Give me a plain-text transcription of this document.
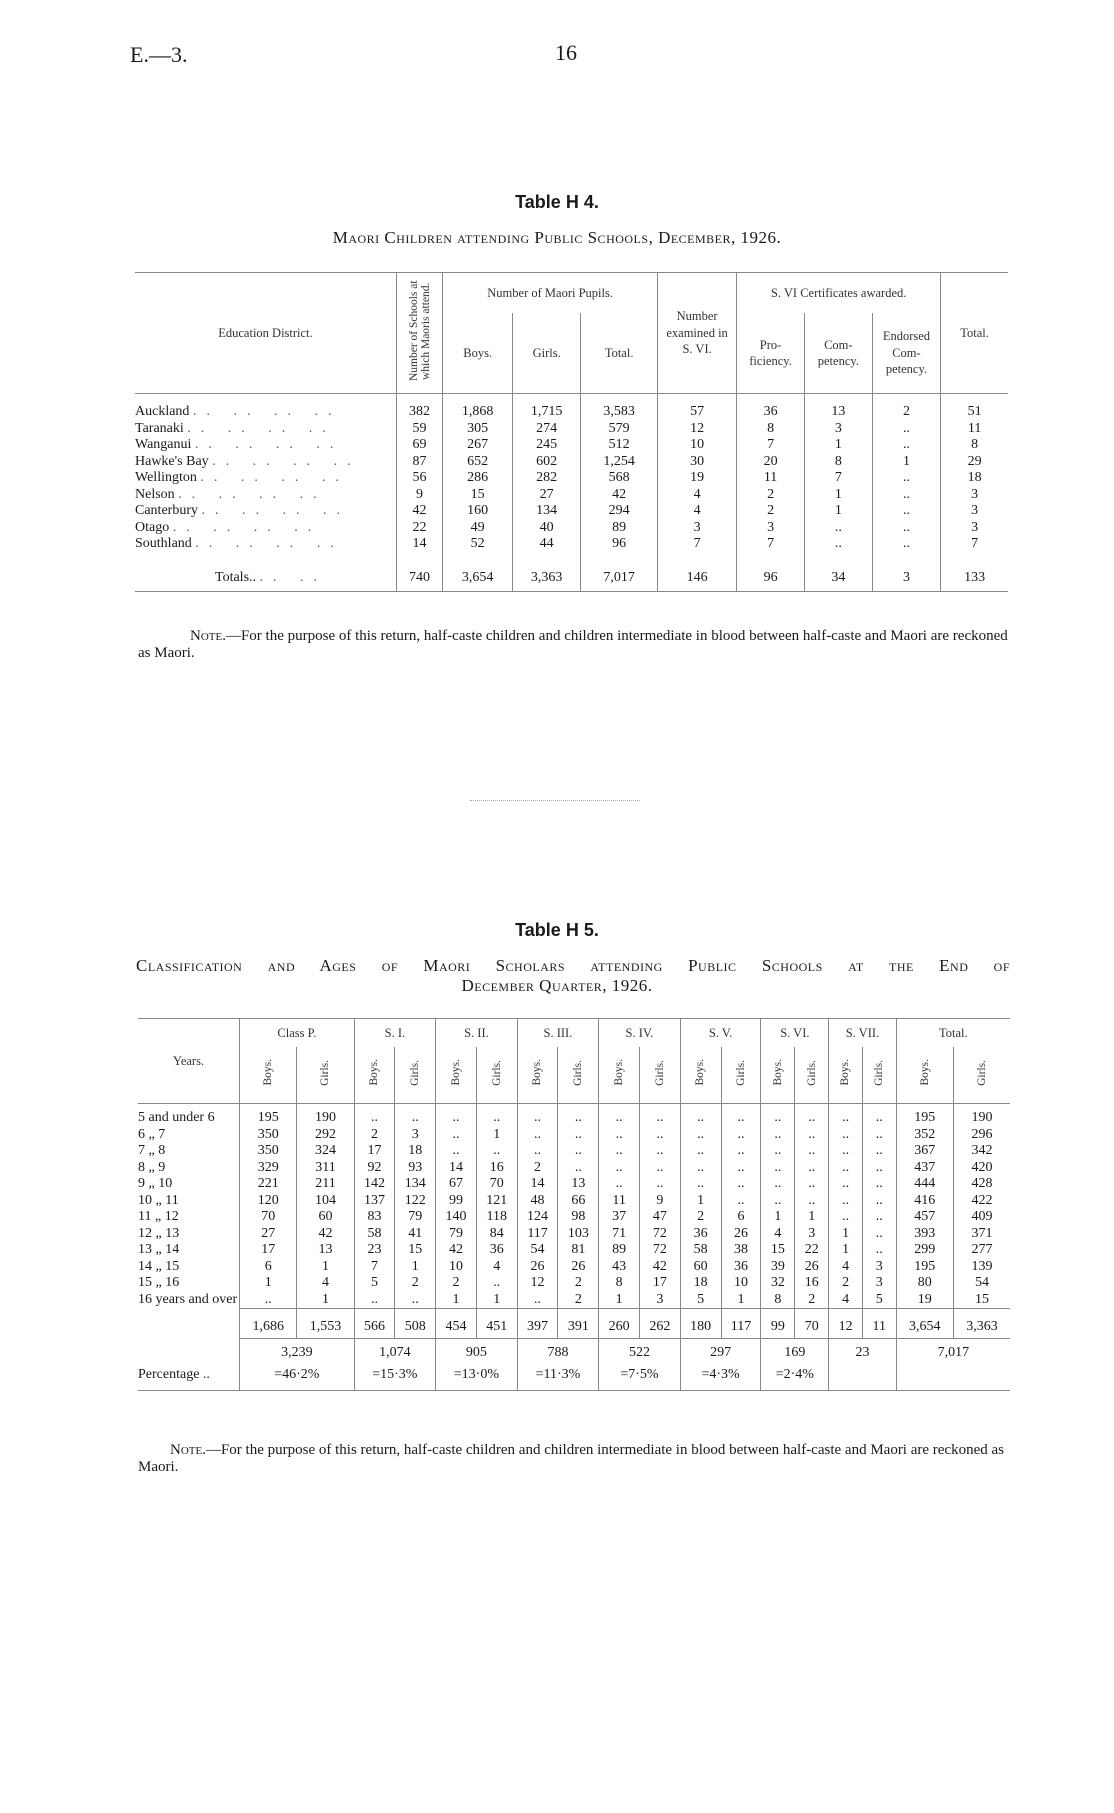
E.—3.	16
Table H 4.
Maori Children attending Public Schools, December, 1926.
Education District.	Number of Schools at which Maoris attend.	Number of Maori Pupils.			Number examined in S. VI.	S. VI Certificates awarded.			Total.
		Boys.	Girls.	Total.		Pro-ficiency.	Com-petency.	Endorsed Com-petency.	

Auckland .. .. .. ..	382	1,868	1,715	3,583	57	36	13	2	51
Taranaki .. .. .. ..	59	305	274	579	12	8	3	..	11
Wanganui .. .. .. ..	69	267	245	512	10	7	1	..	8
Hawke's Bay .. .. .. ..	87	652	602	1,254	30	20	8	1	29
Wellington .. .. .. ..	56	286	282	568	19	11	7	..	18
Nelson .. .. .. ..	9	15	27	42	4	2	1	..	3
Canterbury .. .. .. ..	42	160	134	294	4	2	1	..	3
Otago .. .. .. ..	22	49	40	89	3	3	..	..	3
Southland .. .. .. ..	14	52	44	96	7	7	..	..	7

Totals.. .. ..	740	3,654	3,363	7,017	146	96	34	3	133
Note.—For the purpose of this return, half-caste children and children intermediate in blood between half-caste and Maori are reckoned as Maori.
Table H 5.
Classification and Ages of Maori Scholars attending Public Schools at the End of
December Quarter, 1926.
Years.	Class P.		S. I.		S. II.		S. III.		S. IV.		S. V.		S. VI.		S. VII.		Total.	
	Boys.	Girls.	Boys.	Girls.	Boys.	Girls.	Boys.	Girls.	Boys.	Girls.	Boys.	Girls.	Boys.	Girls.	Boys.	Girls.	Boys.	Girls.

5 and under 6	195	190	..	..	..	..	..	..	..	..	..	..	..	..	..	..	195	190
6 „ 7	350	292	2	3	..	1	..	..	..	..	..	..	..	..	..	..	352	296
7 „ 8	350	324	17	18	..	..	..	..	..	..	..	..	..	..	..	..	367	342
8 „ 9	329	311	92	93	14	16	2	..	..	..	..	..	..	..	..	..	437	420
9 „ 10	221	211	142	134	67	70	14	13	..	..	..	..	..	..	..	..	444	428
10 „ 11	120	104	137	122	99	121	48	66	11	9	1	..	..	..	..	..	416	422
11 „ 12	70	60	83	79	140	118	124	98	37	47	2	6	1	1	..	..	457	409
12 „ 13	27	42	58	41	79	84	117	103	71	72	36	26	4	3	1	..	393	371
13 „ 14	17	13	23	15	42	36	54	81	89	72	58	38	15	22	1	..	299	277
14 „ 15	6	1	7	1	10	4	26	26	43	42	60	36	39	26	4	3	195	139
15 „ 16	1	4	5	2	2	..	12	2	8	17	18	10	32	16	2	3	80	54
16 years and over	..	1	..	..	1	1	..	2	1	3	5	1	8	2	4	5	19	15

	1,686	1,553	566	508	454	451	397	391	260	262	180	117	99	70	12	11	3,654	3,363
	3,239		1,074		905		788		522		297		169		23		7,017	
Percentage ..	=46·2%		=15·3%		=13·0%		=11·3%		=7·5%		=4·3%		=2·4%					
Note.—For the purpose of this return, half-caste children and children intermediate in blood between half-caste and Maori are reckoned as Maori.
